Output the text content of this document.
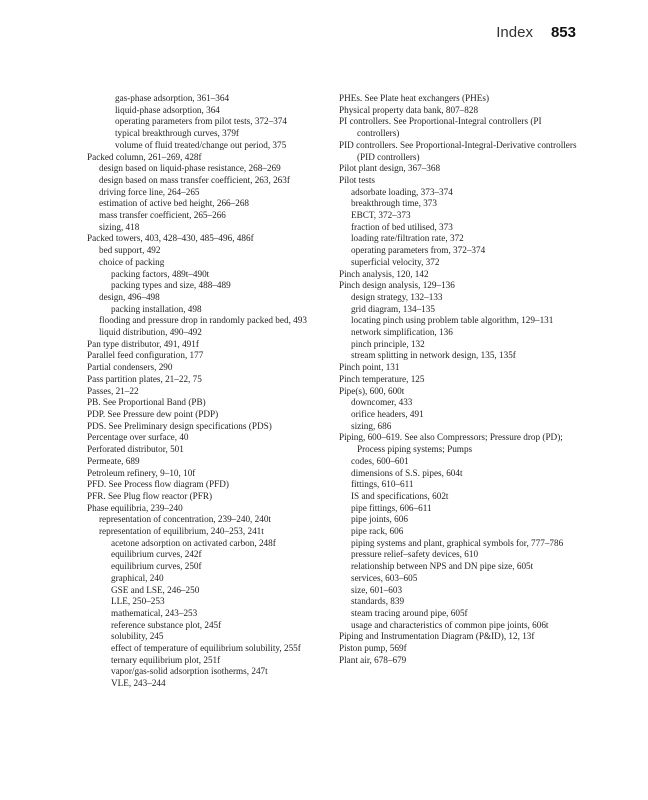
Index 853
gas-phase adsorption, 361–364
liquid-phase adsorption, 364
operating parameters from pilot tests, 372–374
typical breakthrough curves, 379f
volume of fluid treated/change out period, 375
Packed column, 261–269, 428f
design based on liquid-phase resistance, 268–269
design based on mass transfer coefficient, 263, 263f
driving force line, 264–265
estimation of active bed height, 266–268
mass transfer coefficient, 265–266
sizing, 418
Packed towers, 403, 428–430, 485–496, 486f
bed support, 492
choice of packing
packing factors, 489t–490t
packing types and size, 488–489
design, 496–498
packing installation, 498
flooding and pressure drop in randomly packed bed, 493
liquid distribution, 490–492
Pan type distributor, 491, 491f
Parallel feed configuration, 177
Partial condensers, 290
Pass partition plates, 21–22, 75
Passes, 21–22
PB. See Proportional Band (PB)
PDP. See Pressure dew point (PDP)
PDS. See Preliminary design specifications (PDS)
Percentage over surface, 40
Perforated distributor, 501
Permeate, 689
Petroleum refinery, 9–10, 10f
PFD. See Process flow diagram (PFD)
PFR. See Plug flow reactor (PFR)
Phase equilibria, 239–240
representation of concentration, 239–240, 240t
representation of equilibrium, 240–253, 241t
acetone adsorption on activated carbon, 248f
equilibrium curves, 242f
equilibrium curves, 250f
graphical, 240
GSE and LSE, 246–250
LLE, 250–253
mathematical, 243–253
reference substance plot, 245f
solubility, 245
effect of temperature of equilibrium solubility, 255f
ternary equilibrium plot, 251f
vapor/gas-solid adsorption isotherms, 247t
VLE, 243–244
PHEs. See Plate heat exchangers (PHEs)
Physical property data bank, 807–828
PI controllers. See Proportional-Integral controllers (PI controllers)
PID controllers. See Proportional-Integral-Derivative controllers (PID controllers)
Pilot plant design, 367–368
Pilot tests
adsorbate loading, 373–374
breakthrough time, 373
EBCT, 372–373
fraction of bed utilised, 373
loading rate/filtration rate, 372
operating parameters from, 372–374
superficial velocity, 372
Pinch analysis, 120, 142
Pinch design analysis, 129–136
design strategy, 132–133
grid diagram, 134–135
locating pinch using problem table algorithm, 129–131
network simplification, 136
pinch principle, 132
stream splitting in network design, 135, 135f
Pinch point, 131
Pinch temperature, 125
Pipe(s), 600, 600t
downcomer, 433
orifice headers, 491
sizing, 686
Piping, 600–619. See also Compressors; Pressure drop (PD); Process piping systems; Pumps
codes, 600–601
dimensions of S.S. pipes, 604t
fittings, 610–611
IS and specifications, 602t
pipe fittings, 606–611
pipe joints, 606
pipe rack, 606
piping systems and plant, graphical symbols for, 777–786
pressure relief–safety devices, 610
relationship between NPS and DN pipe size, 605t
services, 603–605
size, 601–603
standards, 839
steam tracing around pipe, 605f
usage and characteristics of common pipe joints, 606t
Piping and Instrumentation Diagram (P&ID), 12, 13f
Piston pump, 569f
Plant air, 678–679
